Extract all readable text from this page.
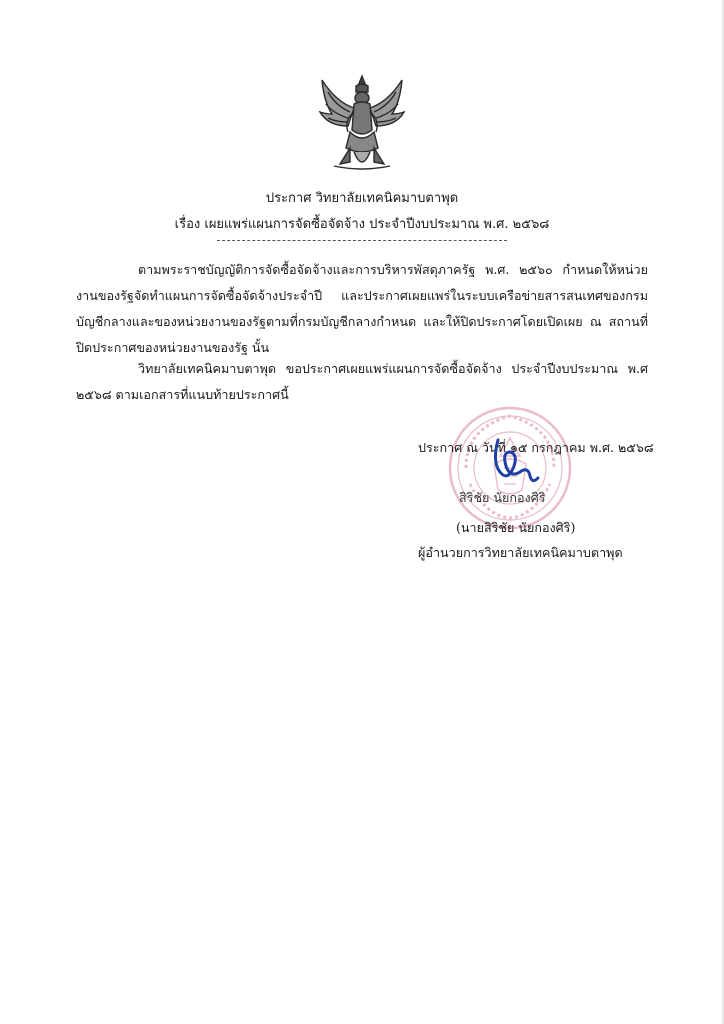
ประกาศ วิทยาลัยเทคนิคมาบตาพุด
เรื่อง เผยแพร่แผนการจัดซื้อจัดจ้าง ประจำปีงบประมาณ พ.ศ. ๒๕๖๘

ตามพระราชบัญญัติการจัดซื้อจัดจ้างและการบริหารพัสดุภาครัฐ พ.ศ. ๒๕๖๐ กำหนดให้หน่วยงานของรัฐจัดทำแผนการจัดซื้อจัดจ้างประจำปี และประกาศเผยแพร่ในระบบเครือข่ายสารสนเทศของกรมบัญชีกลางและของหน่วยงานของรัฐตามที่กรมบัญชีกลางกำหนด และให้ปิดประกาศโดยเปิดเผย ณ สถานที่ปิดประกาศของหน่วยงานของรัฐ นั้น

วิทยาลัยเทคนิคมาบตาพุด ขอประกาศเผยแพร่แผนการจัดซื้อจัดจ้าง ประจำปีงบประมาณ พ.ศ ๒๕๖๘ ตามเอกสารที่แนบท้ายประกาศนี้

ประกาศ ณ วันที่ ๑๕ กรกฎาคม พ.ศ. ๒๕๖๘
สิริชัย นัยกองศิริ
(นายสิริชัย นัยกองศิริ)
ผู้อำนวยการวิทยาลัยเทคนิคมาบตาพุด
